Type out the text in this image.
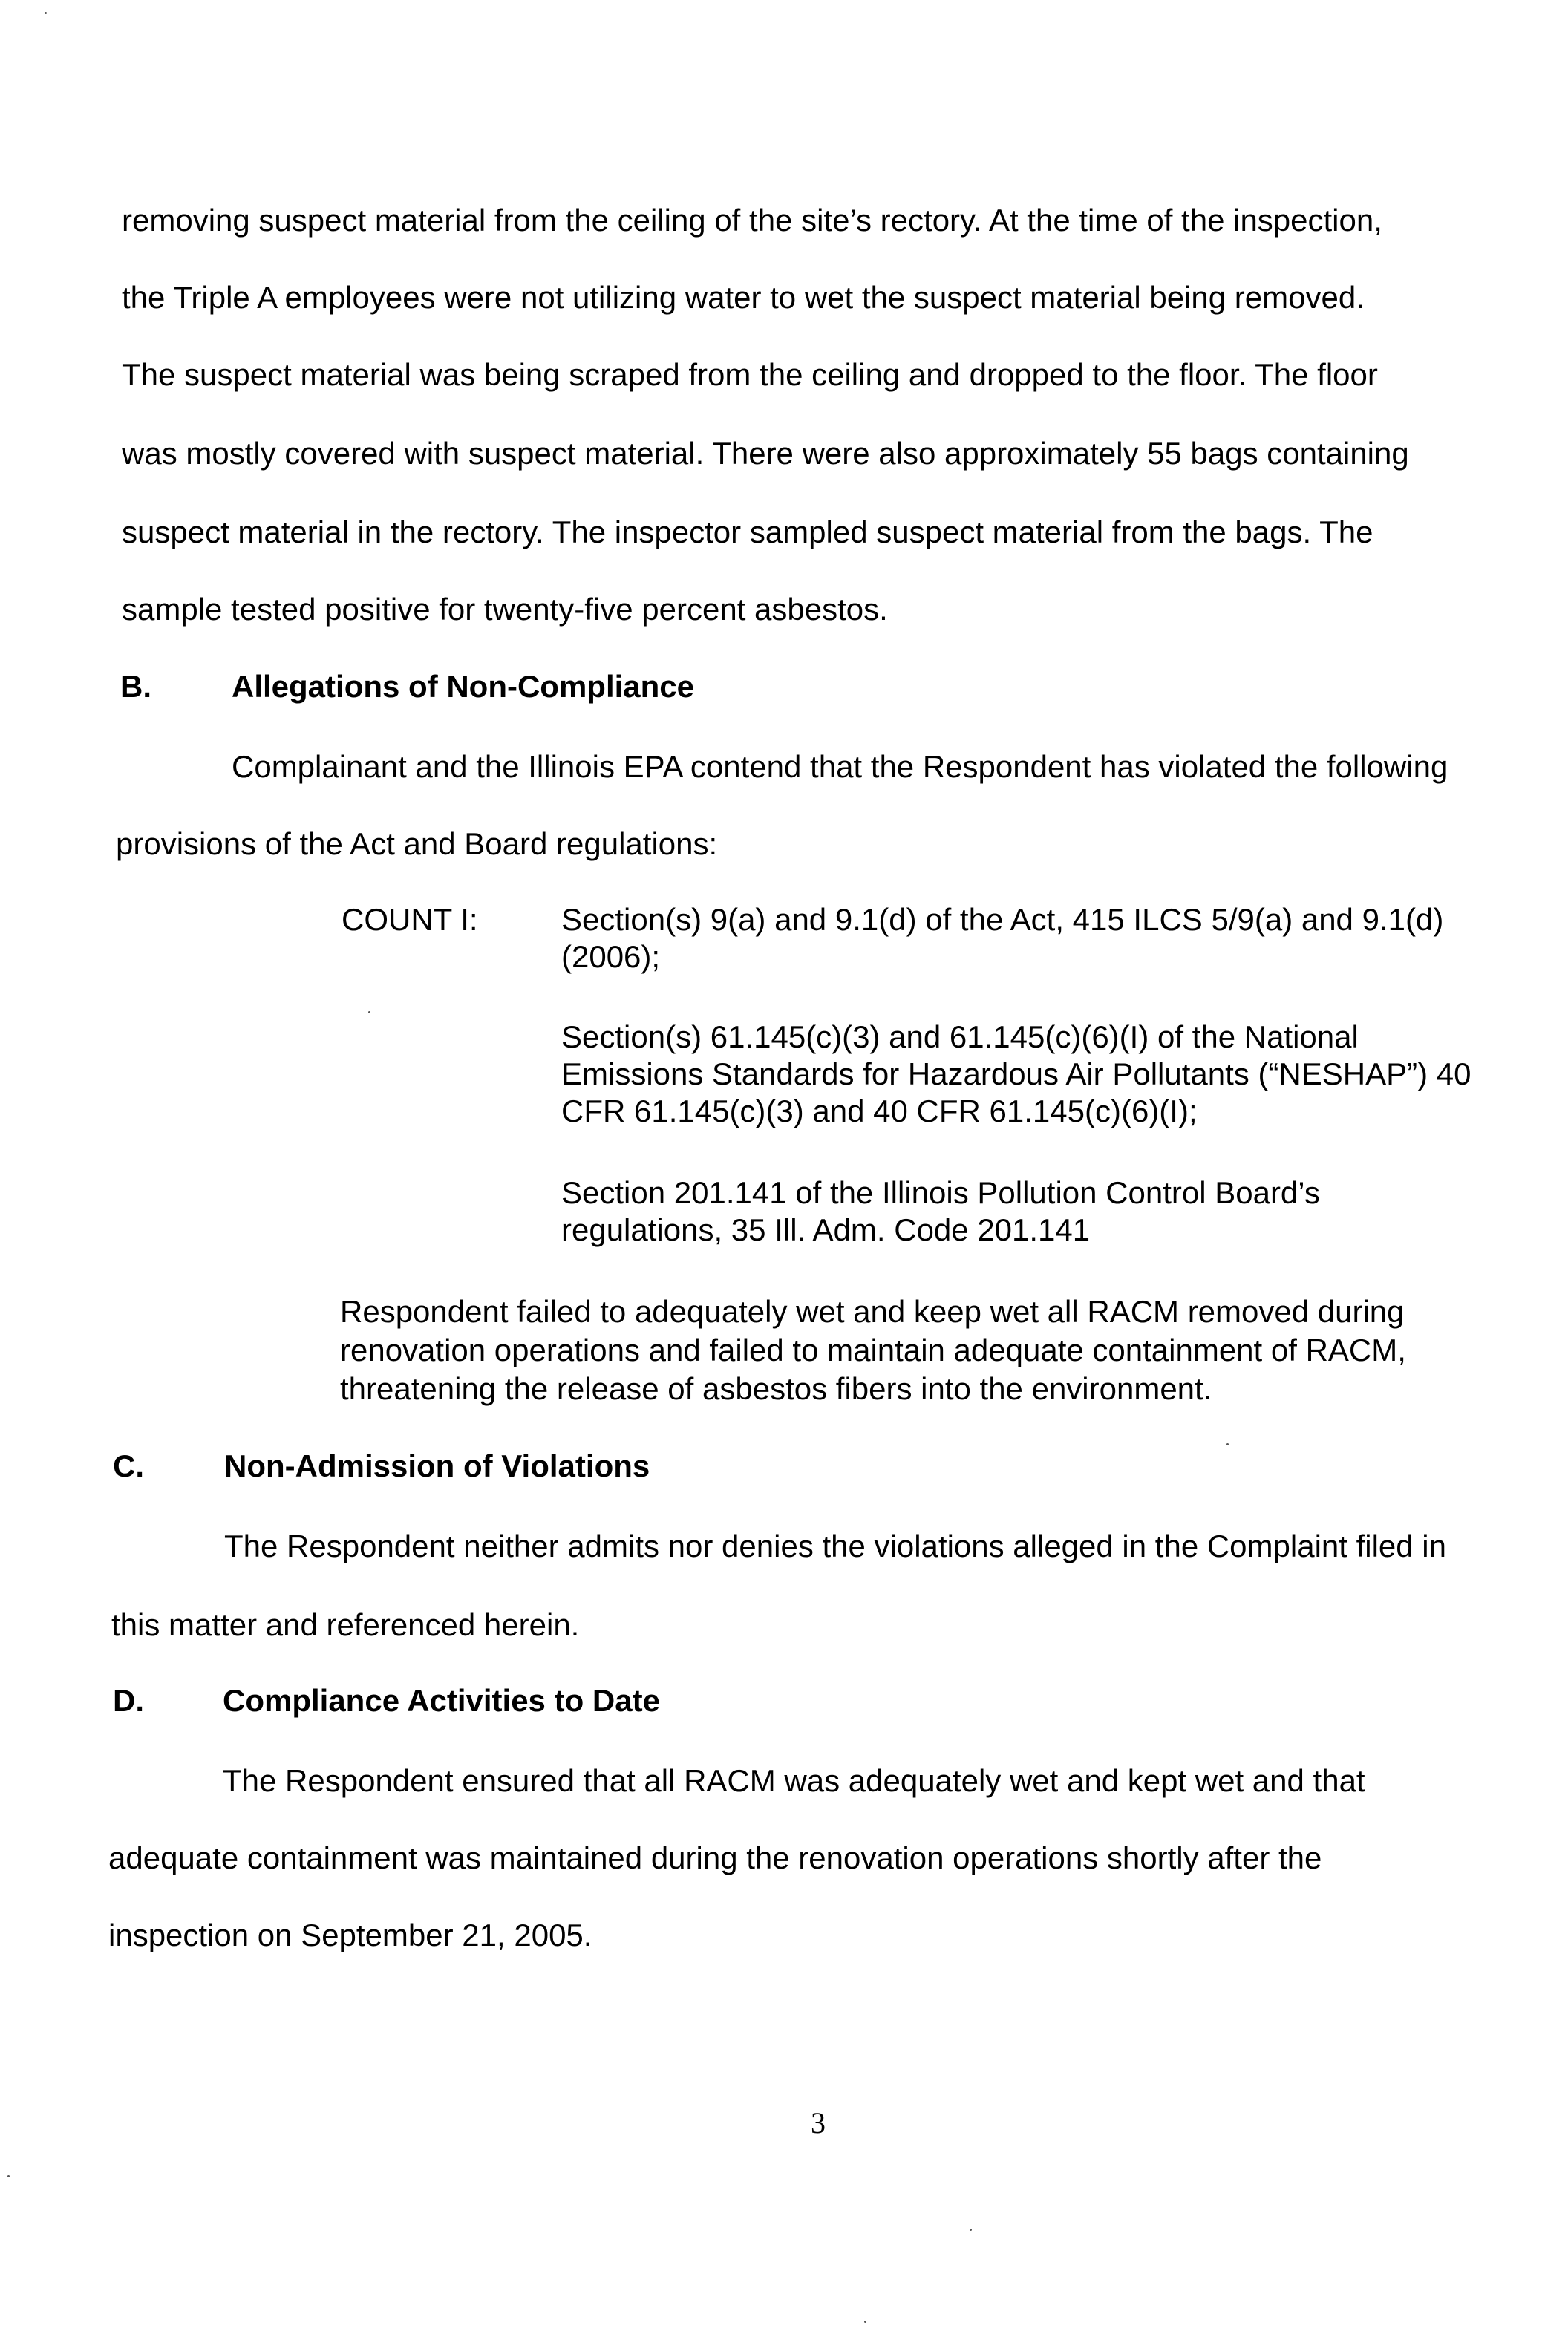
removing suspect material from the ceiling of the site’s rectory. At the time of the inspection,
the Triple A employees were not utilizing water to wet the suspect material being removed.
The suspect material was being scraped from the ceiling and dropped to the floor. The floor
was mostly covered with suspect material. There were also approximately 55 bags containing
suspect material in the rectory. The inspector sampled suspect material from the bags. The
sample tested positive for twenty-five percent asbestos.
B.	Allegations of Non-Compliance
Complainant and the Illinois EPA contend that the Respondent has violated the following
provisions of the Act and Board regulations:
COUNT I:	Section(s) 9(a) and 9.1(d) of the Act, 415 ILCS 5/9(a) and 9.1(d)
(2006);
Section(s) 61.145(c)(3) and 61.145(c)(6)(I) of the National
Emissions Standards for Hazardous Air Pollutants (“NESHAP”) 40
CFR 61.145(c)(3) and 40 CFR 61.145(c)(6)(I);
Section 201.141 of the Illinois Pollution Control Board’s
regulations, 35 Ill. Adm. Code 201.141
Respondent failed to adequately wet and keep wet all RACM removed during
renovation operations and failed to maintain adequate containment of RACM,
threatening the release of asbestos fibers into the environment.
C.	Non-Admission of Violations
The Respondent neither admits nor denies the violations alleged in the Complaint filed in
this matter and referenced herein.
D.	Compliance Activities to Date
The Respondent ensured that all RACM was adequately wet and kept wet and that
adequate containment was maintained during the renovation operations shortly after the
inspection on September 21, 2005.
3
